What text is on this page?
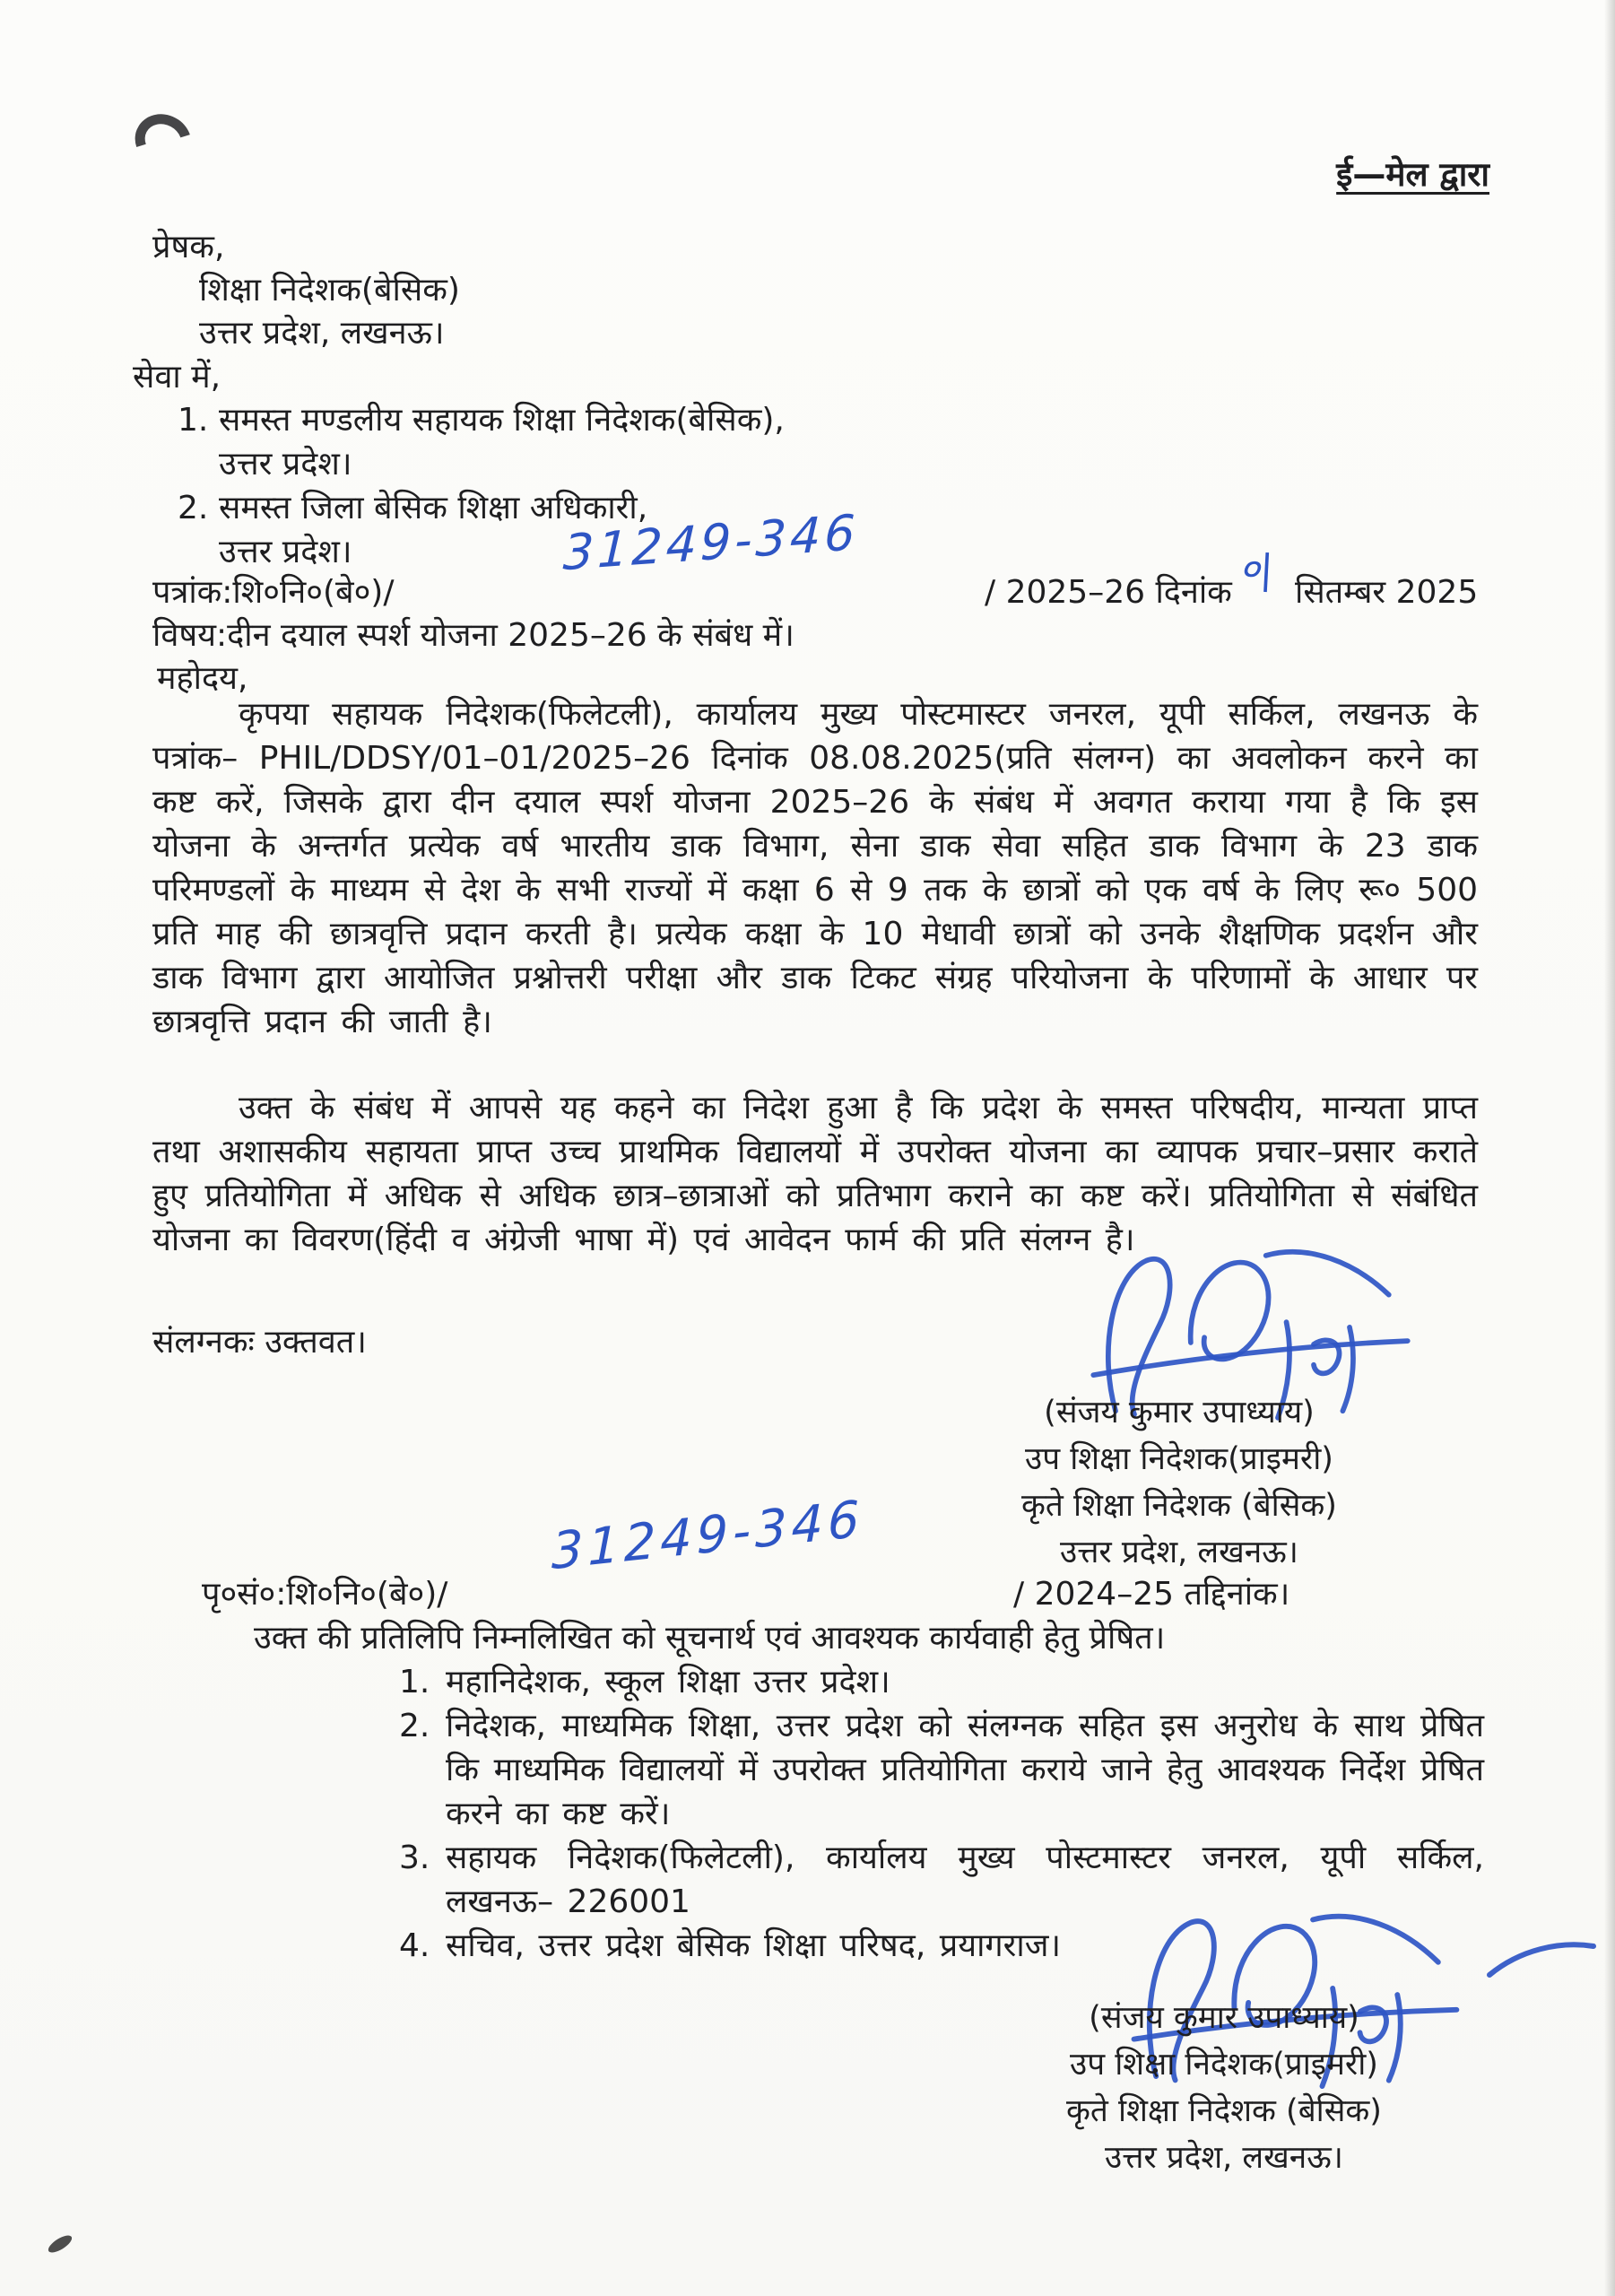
ई—मेल द्वारा
प्रेषक,
शिक्षा निदेशक(बेसिक)
उत्तर प्रदेश, लखनऊ।
सेवा में,
1. समस्त मण्डलीय सहायक शिक्षा निदेशक(बेसिक),
उत्तर प्रदेश।
2. समस्त जिला बेसिक शिक्षा अधिकारी,
उत्तर प्रदेश।
पत्रांक:शि०नि०(बे०)/
31249-346
/ 2025–26 दिनांक ०| सितम्बर 2025
विषय:दीन दयाल स्पर्श योजना 2025–26 के संबंध में।
महोदय,
कृपया सहायक निदेशक(फिलेटली), कार्यालय मुख्य पोस्टमास्टर जनरल, यूपी सर्किल, लखनऊ के पत्रांक– PHIL/DDSY/01–01/2025–26 दिनांक 08.08.2025(प्रति संलग्न) का अवलोकन करने का कष्ट करें, जिसके द्वारा दीन दयाल स्पर्श योजना 2025–26 के संबंध में अवगत कराया गया है कि इस योजना के अन्तर्गत प्रत्येक वर्ष भारतीय डाक विभाग, सेना डाक सेवा सहित डाक विभाग के 23 डाक परिमण्डलों के माध्यम से देश के सभी राज्यों में कक्षा 6 से 9 तक के छात्रों को एक वर्ष के लिए रू० 500 प्रति माह की छात्रवृत्ति प्रदान करती है। प्रत्येक कक्षा के 10 मेधावी छात्रों को उनके शैक्षणिक प्रदर्शन और डाक विभाग द्वारा आयोजित प्रश्नोत्तरी परीक्षा और डाक टिकट संग्रह परियोजना के परिणामों के आधार पर छात्रवृत्ति प्रदान की जाती है।
उक्त के संबंध में आपसे यह कहने का निदेश हुआ है कि प्रदेश के समस्त परिषदीय, मान्यता प्राप्त तथा अशासकीय सहायता प्राप्त उच्च प्राथमिक विद्यालयों में उपरोक्त योजना का व्यापक प्रचार–प्रसार कराते हुए प्रतियोगिता में अधिक से अधिक छात्र–छात्राओं को प्रतिभाग कराने का कष्ट करें। प्रतियोगिता से संबंधित योजना का विवरण(हिंदी व अंग्रेजी भाषा में) एवं आवेदन फार्म की प्रति संलग्न है।
संलग्नकः उक्तवत।
(संजय कुमार उपाध्याय)
उप शिक्षा निदेशक(प्राइमरी)
कृते शिक्षा निदेशक (बेसिक)
उत्तर प्रदेश, लखनऊ।
पृ०सं०:शि०नि०(बे०)/
31249-346
/ 2024–25 तद्दिनांक।
उक्त की प्रतिलिपि निम्नलिखित को सूचनार्थ एवं आवश्यक कार्यवाही हेतु प्रेषित।
1. महानिदेशक, स्कूल शिक्षा उत्तर प्रदेश।
2. निदेशक, माध्यमिक शिक्षा, उत्तर प्रदेश को संलग्नक सहित इस अनुरोध के साथ प्रेषित कि माध्यमिक विद्यालयों में उपरोक्त प्रतियोगिता कराये जाने हेतु आवश्यक निर्देश प्रेषित करने का कष्ट करें।
3. सहायक निदेशक(फिलेटली), कार्यालय मुख्य पोस्टमास्टर जनरल, यूपी सर्किल, लखनऊ– 226001
4. सचिव, उत्तर प्रदेश बेसिक शिक्षा परिषद, प्रयागराज।
(संजय कुमार उपाध्याय)
उप शिक्षा निदेशक(प्राइमरी)
कृते शिक्षा निदेशक (बेसिक)
उत्तर प्रदेश, लखनऊ।
